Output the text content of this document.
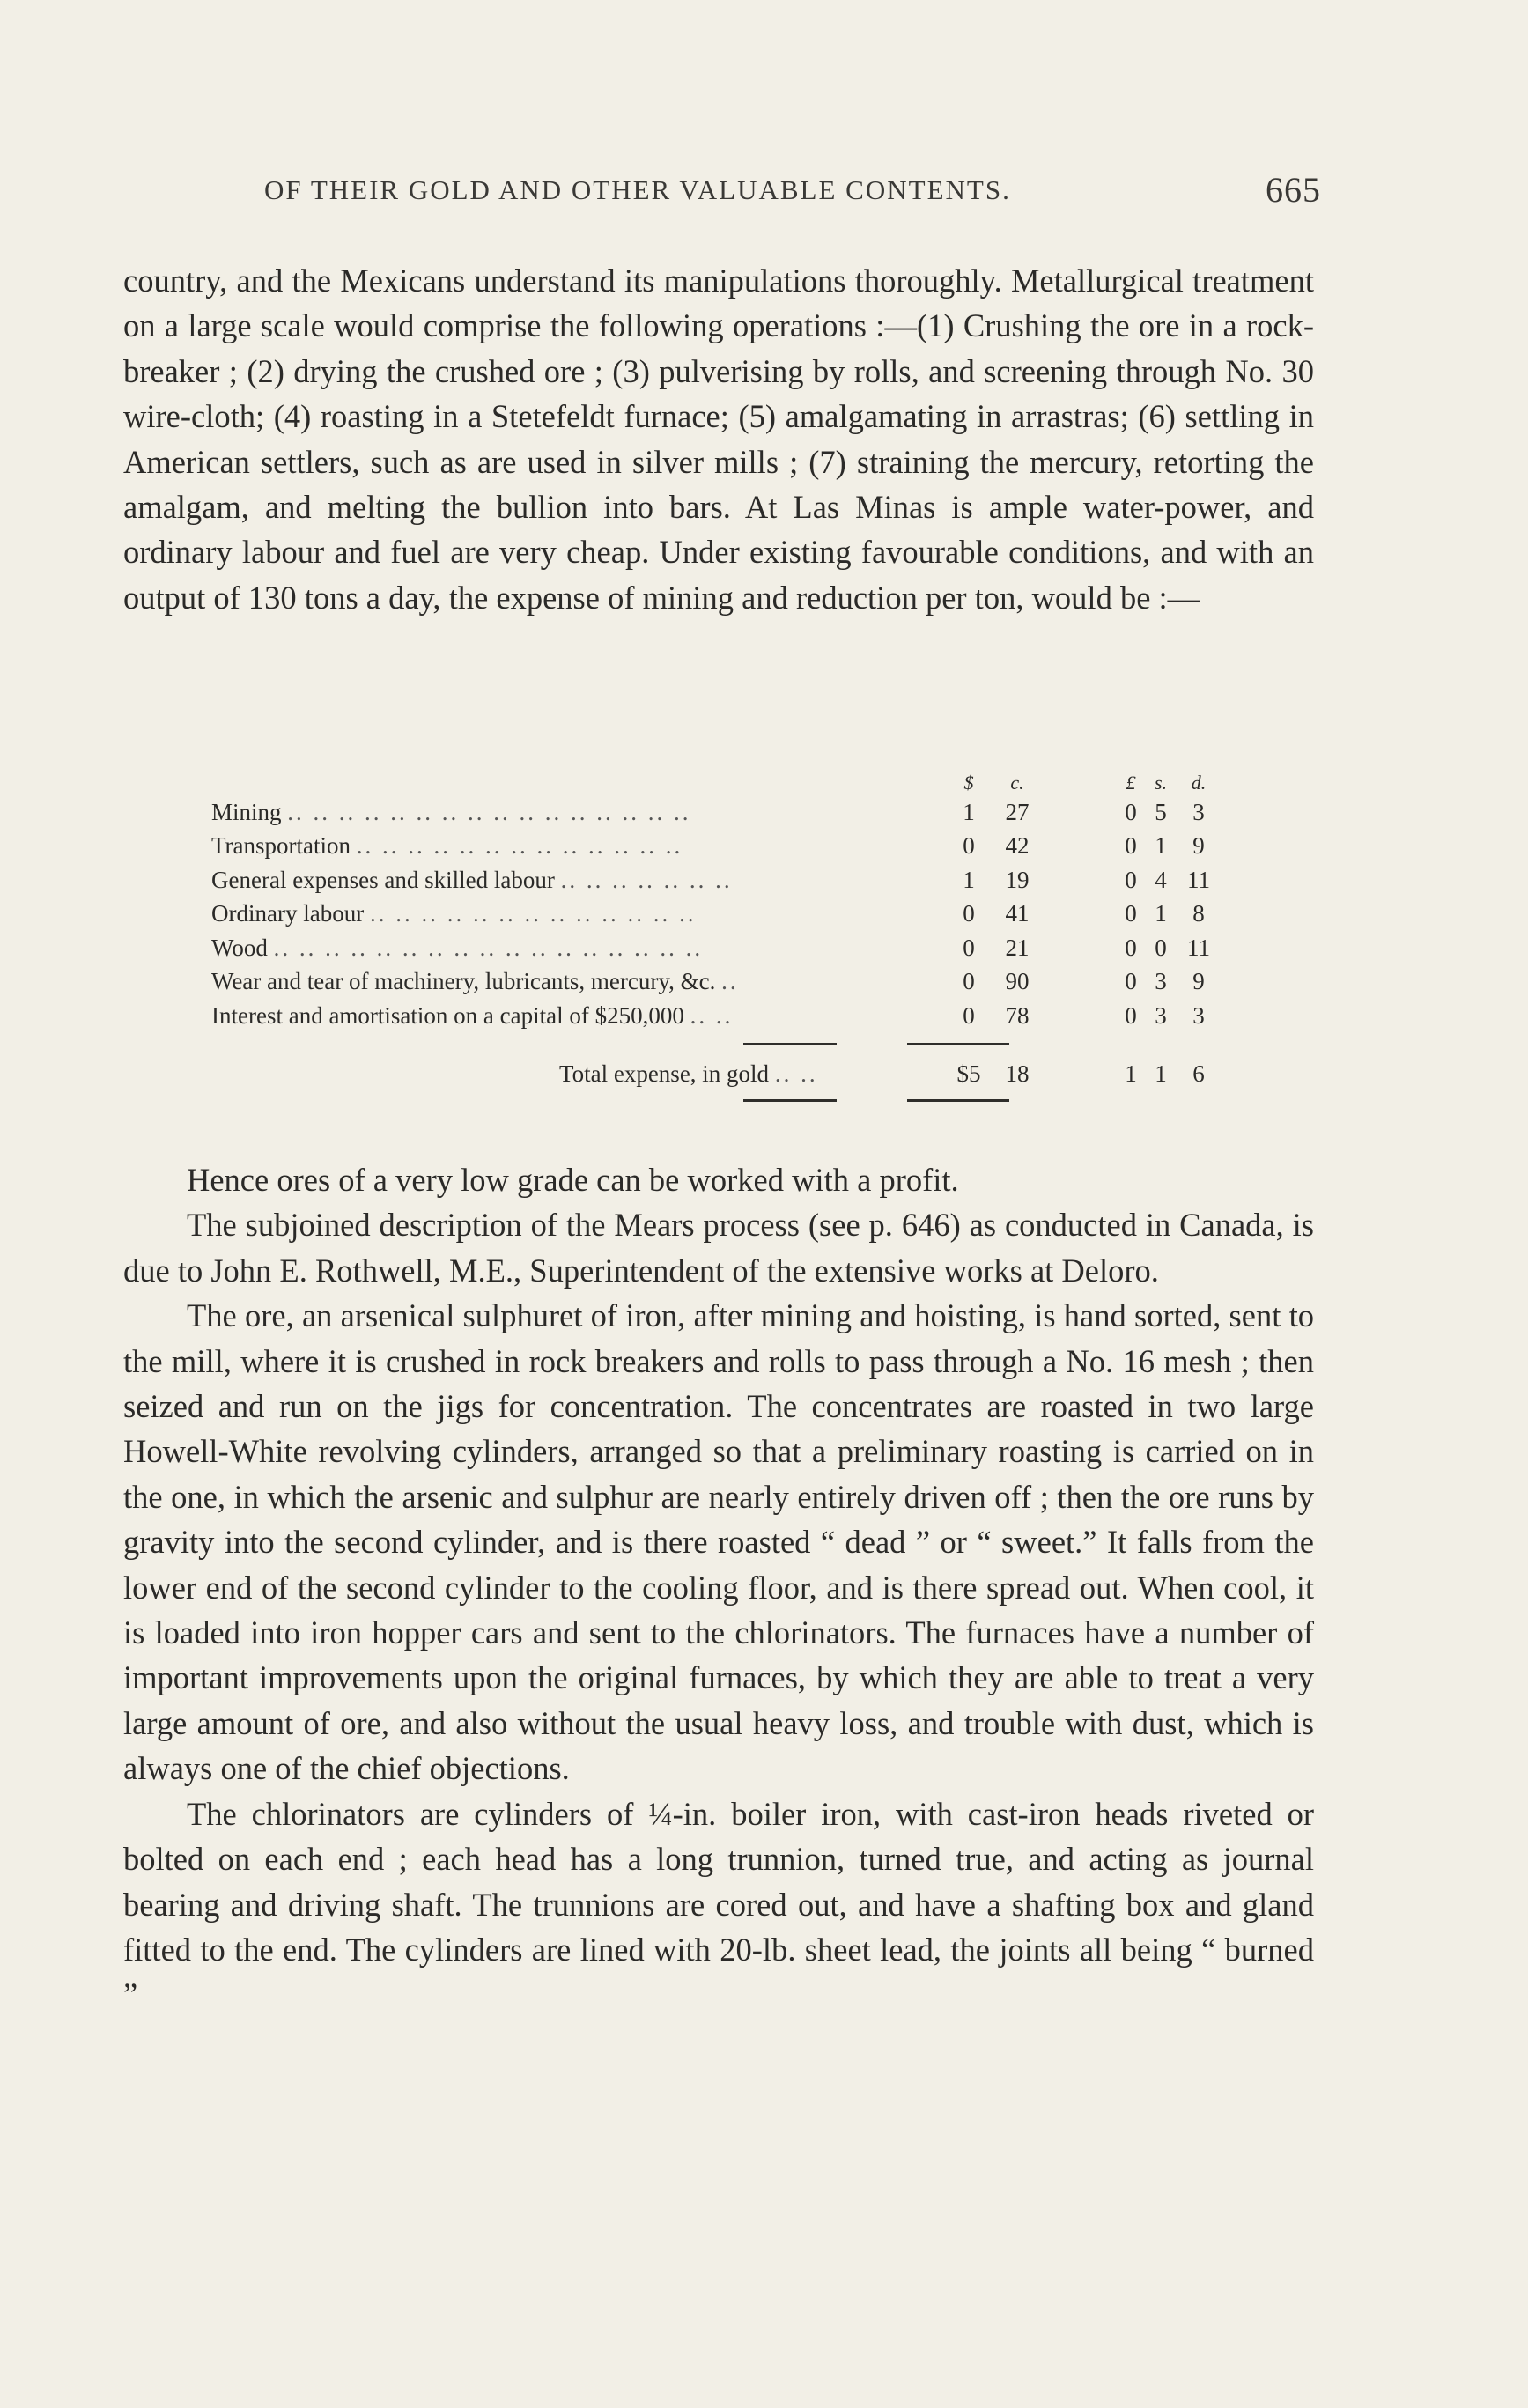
OF THEIR GOLD AND OTHER VALUABLE CONTENTS.	665

country, and the Mexicans understand its manipulations thoroughly. Metallurgical treatment on a large scale would comprise the following operations :—(1) Crushing the ore in a rock-breaker ; (2) drying the crushed ore ; (3) pulverising by rolls, and screening through No. 30 wire-cloth; (4) roasting in a Stetefeldt furnace; (5) amalgamating in arrastras; (6) settling in American settlers, such as are used in silver mills ; (7) straining the mercury, retorting the amalgam, and melting the bullion into bars. At Las Minas is ample water-power, and ordinary labour and fuel are very cheap. Under existing favourable conditions, and with an output of 130 tons a day, the expense of mining and reduction per ton, would be :—

$	c.	£ s.	d.
Mining .. .. .. .. .. .. .. .. .. .. .. .. .. .. .. ..	1	27	0 5	3
Transportation .. .. .. .. .. .. .. .. .. .. .. .. ..	0	42	0 1	9
General expenses and skilled labour .. .. .. .. .. .. ..	1	19	0 4 11
Ordinary labour .. .. .. .. .. .. .. .. .. .. .. .. ..	0	41	0 1	8
Wood .. .. .. .. .. .. .. .. .. .. .. .. .. .. .. .. ..	0	21	0 0 11
Wear and tear of machinery, lubricants, mercury, &c. ..	0	90	0 3	9
Interest and amortisation on a capital of $250,000 .. ..	0	78	0 3	3
Total expense, in gold .. ..	$5	18	1 1	6

Hence ores of a very low grade can be worked with a profit.

The subjoined description of the Mears process (see p. 646) as conducted in Canada, is due to John E. Rothwell, M.E., Superintendent of the extensive works at Deloro.

The ore, an arsenical sulphuret of iron, after mining and hoisting, is hand sorted, sent to the mill, where it is crushed in rock breakers and rolls to pass through a No. 16 mesh ; then seized and run on the jigs for concentration. The concentrates are roasted in two large Howell-White revolving cylinders, arranged so that a preliminary roasting is carried on in the one, in which the arsenic and sulphur are nearly entirely driven off ; then the ore runs by gravity into the second cylinder, and is there roasted “ dead ” or “ sweet.” It falls from the lower end of the second cylinder to the cooling floor, and is there spread out. When cool, it is loaded into iron hopper cars and sent to the chlorinators. The furnaces have a number of important improvements upon the original furnaces, by which they are able to treat a very large amount of ore, and also without the usual heavy loss, and trouble with dust, which is always one of the chief objections.

The chlorinators are cylinders of ¼-in. boiler iron, with cast-iron heads riveted or bolted on each end ; each head has a long trunnion, turned true, and acting as journal bearing and driving shaft. The trunnions are cored out, and have a shafting box and gland fitted to the end. The cylinders are lined with 20-lb. sheet lead, the joints all being “ burned ”
